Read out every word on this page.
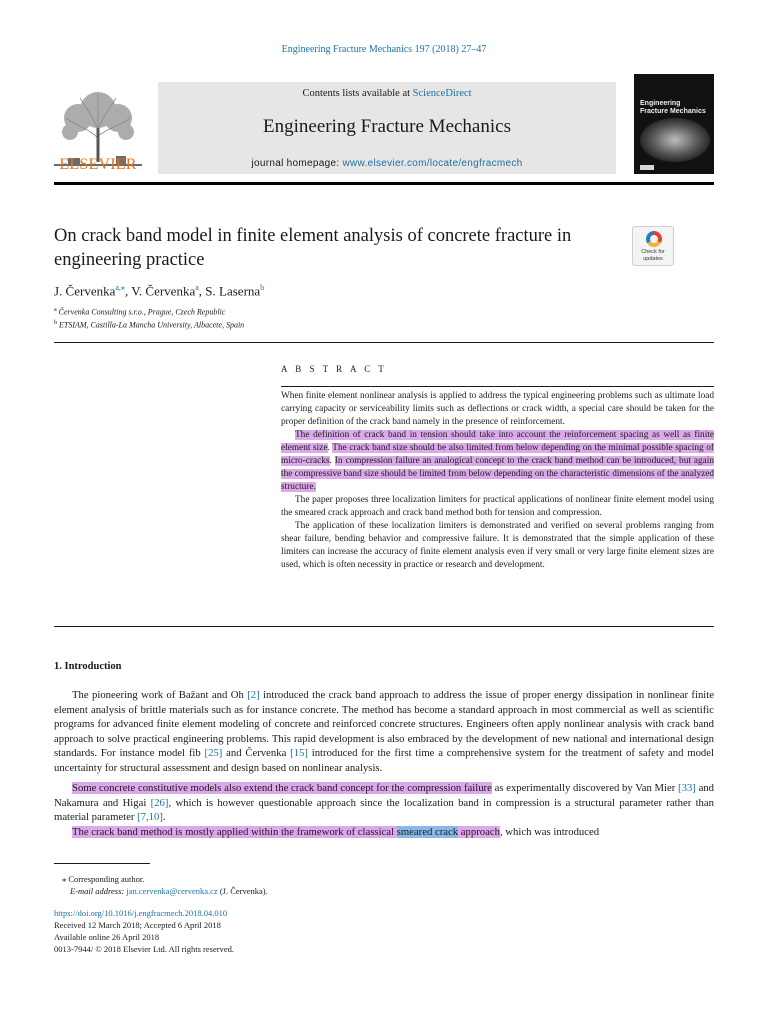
Engineering Fracture Mechanics 197 (2018) 27–47
ELSEVIER
Contents lists available at ScienceDirect
Engineering Fracture Mechanics
journal homepage: www.elsevier.com/locate/engfracmech
Engineering
Fracture Mechanics
On crack band model in finite element analysis of concrete fracture in engineering practice	Check for
updates
J. Červenka$^{a,⁎}$, V. Červenka$^a$, S. Laserna$^b$
$^a$ Červenka Consulting s.r.o., Prague, Czech Republic
$^b$ ETSIAM, Castilla-La Mancha University, Albacete, Spain
A B S T R A C T

When finite element nonlinear analysis is applied to address the typical engineering problems such as ultimate load carrying capacity or serviceability limits such as deflections or crack width, a special care should be taken for the proper definition of the crack band namely in the presence of reinforcement.

The definition of crack band in tension should take into account the reinforcement spacing as well as finite element size. The crack band size should be also limited from below depending on the minimal possible spacing of micro-cracks. In compression failure an analogical concept to the crack band method can be introduced, but again the compressive band size should be limited from below depending on the characteristic dimensions of the analyzed structure.

The paper proposes three localization limiters for practical applications of nonlinear finite element model using the smeared crack approach and crack band method both for tension and compression.

The application of these localization limiters is demonstrated and verified on several problems ranging from shear failure, bending behavior and compressive failure. It is demonstrated that the simple application of these limiters can increase the accuracy of finite element analysis even if very small or very large finite element sizes are used, which is often necessity in practice or research and development.

1. Introduction

The pioneering work of Bažant and Oh [2] introduced the crack band approach to address the issue of proper energy dissipation in nonlinear finite element analysis of brittle materials such as for instance concrete. The method has become a standard approach in most commercial as well as scientific programs for advanced finite element modeling of concrete and reinforced concrete structures. Engineers often apply nonlinear analysis with crack band approach to solve practical engineering problems. This rapid development is also embraced by the development of new national and international design standards. For instance model fib [25] and Červenka [15] introduced for the first time a comprehensive system for the treatment of safety and model uncertainty for structural assessment and design based on nonlinear analysis.

Some concrete constitutive models also extend the crack band concept for the compression failure as experimentally discovered by Van Mier [33] and Nakamura and Higai [26], which is however questionable approach since the localization band in compression is a structural parameter rather than material parameter [7,10].

The crack band method is mostly applied within the framework of classical smeared crack approach, which was introduced

⁎ Corresponding author.
E-mail address: jan.cervenka@cervenka.cz (J. Červenka).
https://doi.org/10.1016/j.engfracmech.2018.04.010
Received 12 March 2018; Accepted 6 April 2018
Available online 26 April 2018
0013-7944/ © 2018 Elsevier Ltd. All rights reserved.
